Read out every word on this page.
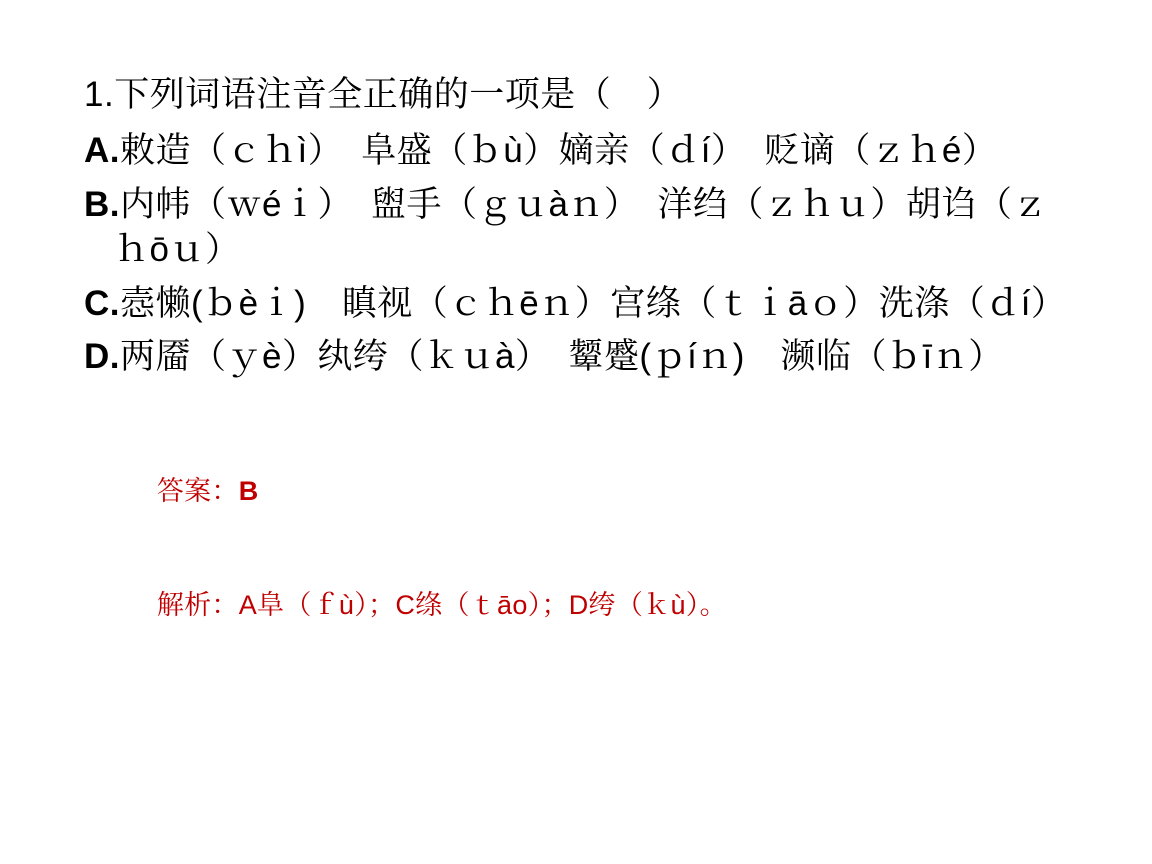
1.下列词语注音全正确的一项是（　）
A.敕造（ｃｈì）　阜盛（ｂù）嫡亲（ｄí）　贬谪（ｚｈé）
B.内帏（ｗéｉ）　盥手（ｇｕàｎ）　洋绉（ｚｈｕ）胡诌（ｚｈōｕ）
C.悫懒(ｂèｉ)　瞋视（ｃｈēｎ）宫绦（ｔｉāｏ）洗涤（ｄí）
D.两靥（ｙè）纨绔（ｋｕà）　颦蹙(ｐíｎ)　濒临（ｂīｎ）

答案：B

解析：A阜（ｆù）；C绦（ｔāo）；D绔（ｋù）。
